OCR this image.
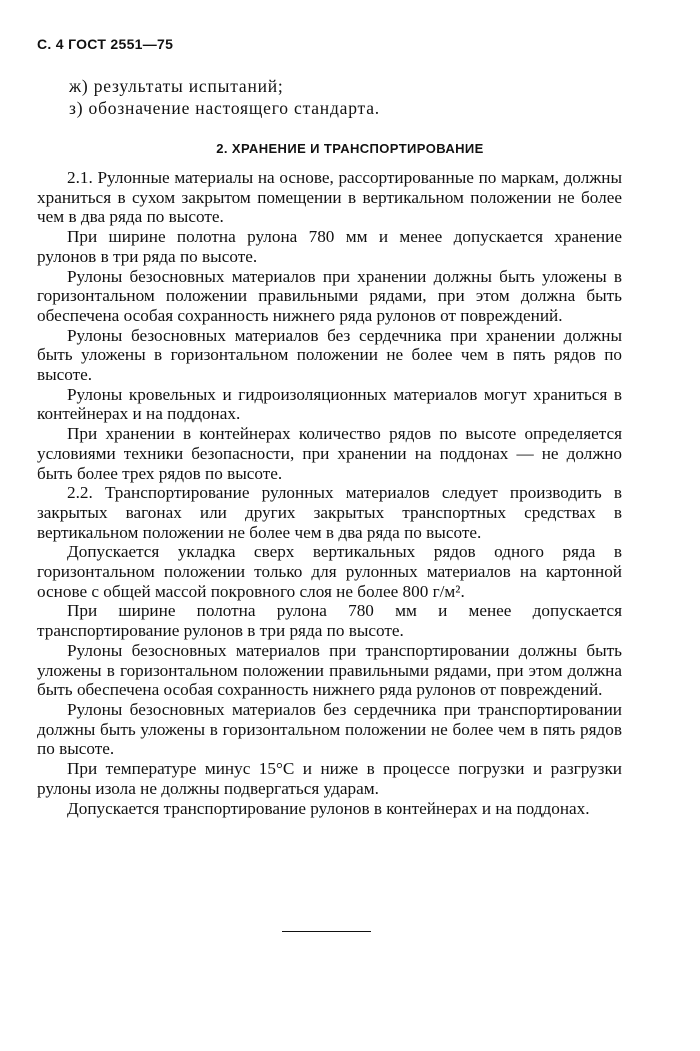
С. 4 ГОСТ 2551—75
ж) результаты испытаний;
з) обозначение настоящего стандарта.
2. ХРАНЕНИЕ И ТРАНСПОРТИРОВАНИЕ

2.1. Рулонные материалы на основе, рассортированные по маркам, должны храниться в сухом закрытом помещении в вертикальном положении не более чем в два ряда по высоте.

При ширине полотна рулона 780 мм и менее допускается хранение рулонов в три ряда по высоте.

Рулоны безосновных материалов при хранении должны быть уложены в горизонтальном положении правильными рядами, при этом должна быть обеспечена особая сохранность нижнего ряда рулонов от повреждений.

Рулоны безосновных материалов без сердечника при хранении должны быть уложены в горизонтальном положении не более чем в пять рядов по высоте.

Рулоны кровельных и гидроизоляционных материалов могут храниться в контейнерах и на поддонах.

При хранении в контейнерах количество рядов по высоте определяется условиями техники безопасности, при хранении на поддонах — не должно быть более трех рядов по высоте.

2.2. Транспортирование рулонных материалов следует производить в закрытых вагонах или других закрытых транспортных средствах в вертикальном положении не более чем в два ряда по высоте.

Допускается укладка сверх вертикальных рядов одного ряда в горизонтальном положении только для рулонных материалов на картонной основе с общей массой покровного слоя не более 800 г/м².

При ширине полотна рулона 780 мм и менее допускается транспортирование рулонов в три ряда по высоте.

Рулоны безосновных материалов при транспортировании должны быть уложены в горизонтальном положении правильными рядами, при этом должна быть обеспечена особая сохранность нижнего ряда рулонов от повреждений.

Рулоны безосновных материалов без сердечника при транспортировании должны быть уложены в горизонтальном положении не более чем в пять рядов по высоте.

При температуре минус 15°С и ниже в процессе погрузки и разгрузки рулоны изола не должны подвергаться ударам.

Допускается транспортирование рулонов в контейнерах и на поддонах.
